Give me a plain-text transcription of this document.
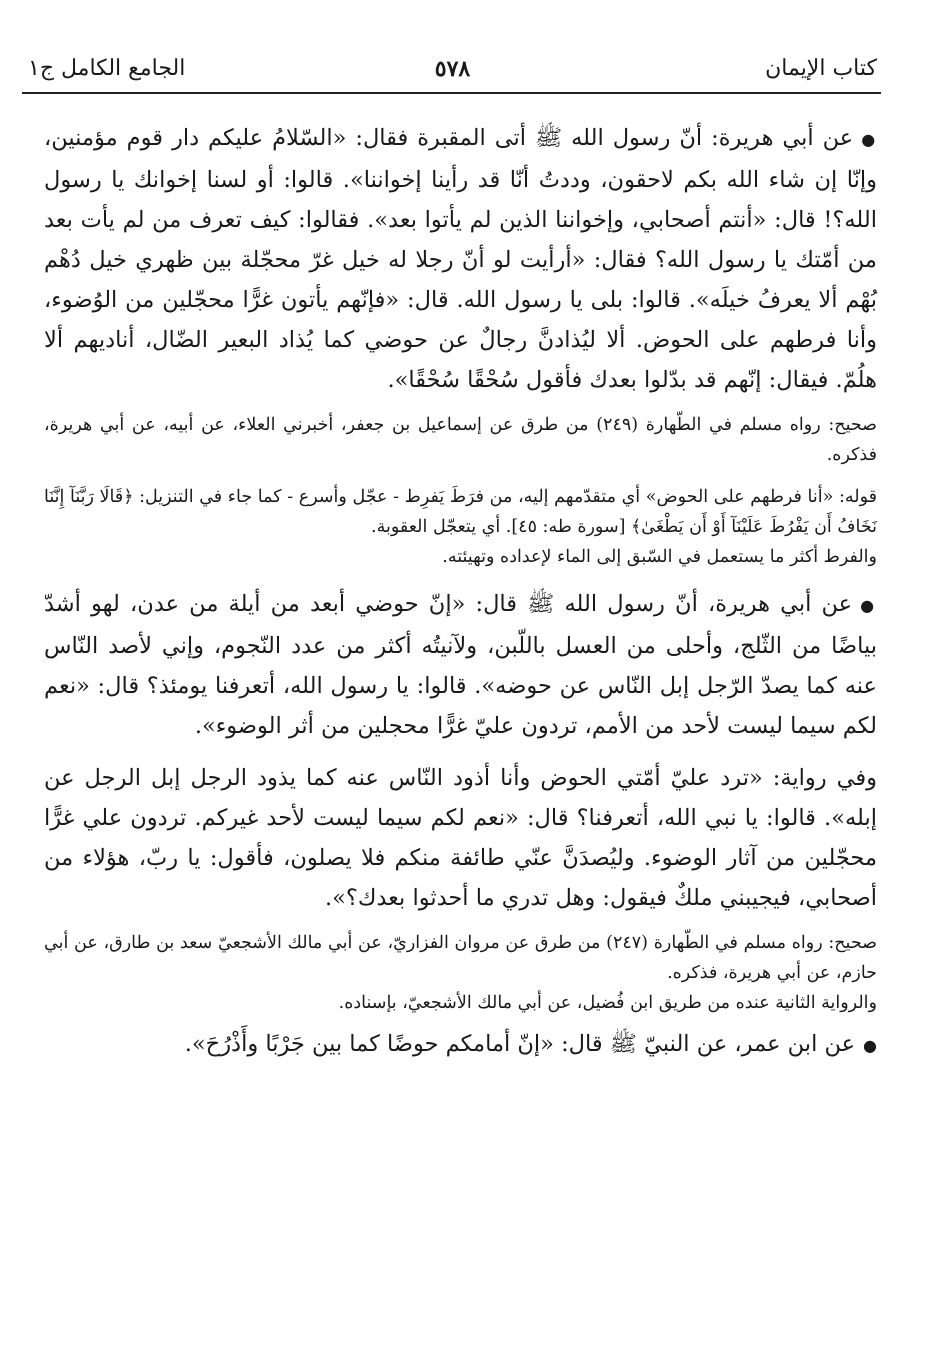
كتاب الإيمان
٥٧٨
الجامع الكامل ج١

●عن أبي هريرة: أنّ رسول الله ﷺ أتى المقبرة فقال: «السّلامُ عليكم دار قوم مؤمنين، وإنّا إن شاء الله بكم لاحقون، وددتُ أنّا قد رأينا إخواننا». قالوا: أو لسنا إخوانك يا رسول الله؟! قال: «أنتم أصحابي، وإخواننا الذين لم يأتوا بعد». فقالوا: كيف تعرف من لم يأت بعد من أمّتك يا رسول الله؟ فقال: «أرأيت لو أنّ رجلا له خيل غرّ محجّلة بين ظهري خيل دُهْم بُهْم ألا يعرفُ خيلَه». قالوا: بلى يا رسول الله. قال: «فإنّهم يأتون غرًّا محجّلين من الوُضوء، وأنا فرطهم على الحوض. ألا ليُذادنَّ رجالٌ عن حوضي كما يُذاد البعير الضّال، أناديهم ألا هلُمّ. فيقال: إنّهم قد بدّلوا بعدك فأقول سُحْقًا سُحْقًا».

صحيح: رواه مسلم في الطّهارة (٢٤٩) من طرق عن إسماعيل بن جعفر، أخبرني العلاء، عن أبيه، عن أبي هريرة، فذكره.

قوله: «أنا فرطهم على الحوض» أي متقدّمهم إليه، من فرَطَ يَفرِط - عجّل وأسرع - كما جاء في التنزيل: ﴿قَالَا رَبَّنَآ إِنَّنَا نَخَافُ أَن يَفْرُطَ عَلَيْنَآ أَوْ أَن يَطْغَىٰ﴾ [سورة طه: ٤٥]. أي يتعجّل العقوبة.

والفرط أكثر ما يستعمل في السّبق إلى الماء لإعداده وتهيئته.

●عن أبي هريرة، أنّ رسول الله ﷺ قال: «إنّ حوضي أبعد من أيلة من عدن، لهو أشدّ بياضًا من الثّلج، وأحلى من العسل باللّبن، ولآنيتُه أكثر من عدد النّجوم، وإني لأصد النّاس عنه كما يصدّ الرّجل إبل النّاس عن حوضه». قالوا: يا رسول الله، أتعرفنا يومئذ؟ قال: «نعم لكم سيما ليست لأحد من الأمم، تردون عليّ غرًّا محجلين من أثر الوضوء».

وفي رواية: «ترد عليّ أمّتي الحوض وأنا أذود النّاس عنه كما يذود الرجل إبل الرجل عن إبله». قالوا: يا نبي الله، أتعرفنا؟ قال: «نعم لكم سيما ليست لأحد غيركم. تردون علي غرًّا محجّلين من آثار الوضوء. وليُصدَنَّ عنّي طائفة منكم فلا يصلون، فأقول: يا ربّ، هؤلاء من أصحابي، فيجيبني ملكٌ فيقول: وهل تدري ما أحدثوا بعدك؟».

صحيح: رواه مسلم في الطّهارة (٢٤٧) من طرق عن مروان الفزاريّ، عن أبي مالك الأشجعيّ سعد بن طارق، عن أبي حازم، عن أبي هريرة، فذكره.

والرواية الثانية عنده من طريق ابن فُضيل، عن أبي مالك الأشجعيّ، بإسناده.

●عن ابن عمر، عن النبيّ ﷺ قال: «إنّ أمامكم حوضًا كما بين جَرْبًا وأَذْرُحَ».
